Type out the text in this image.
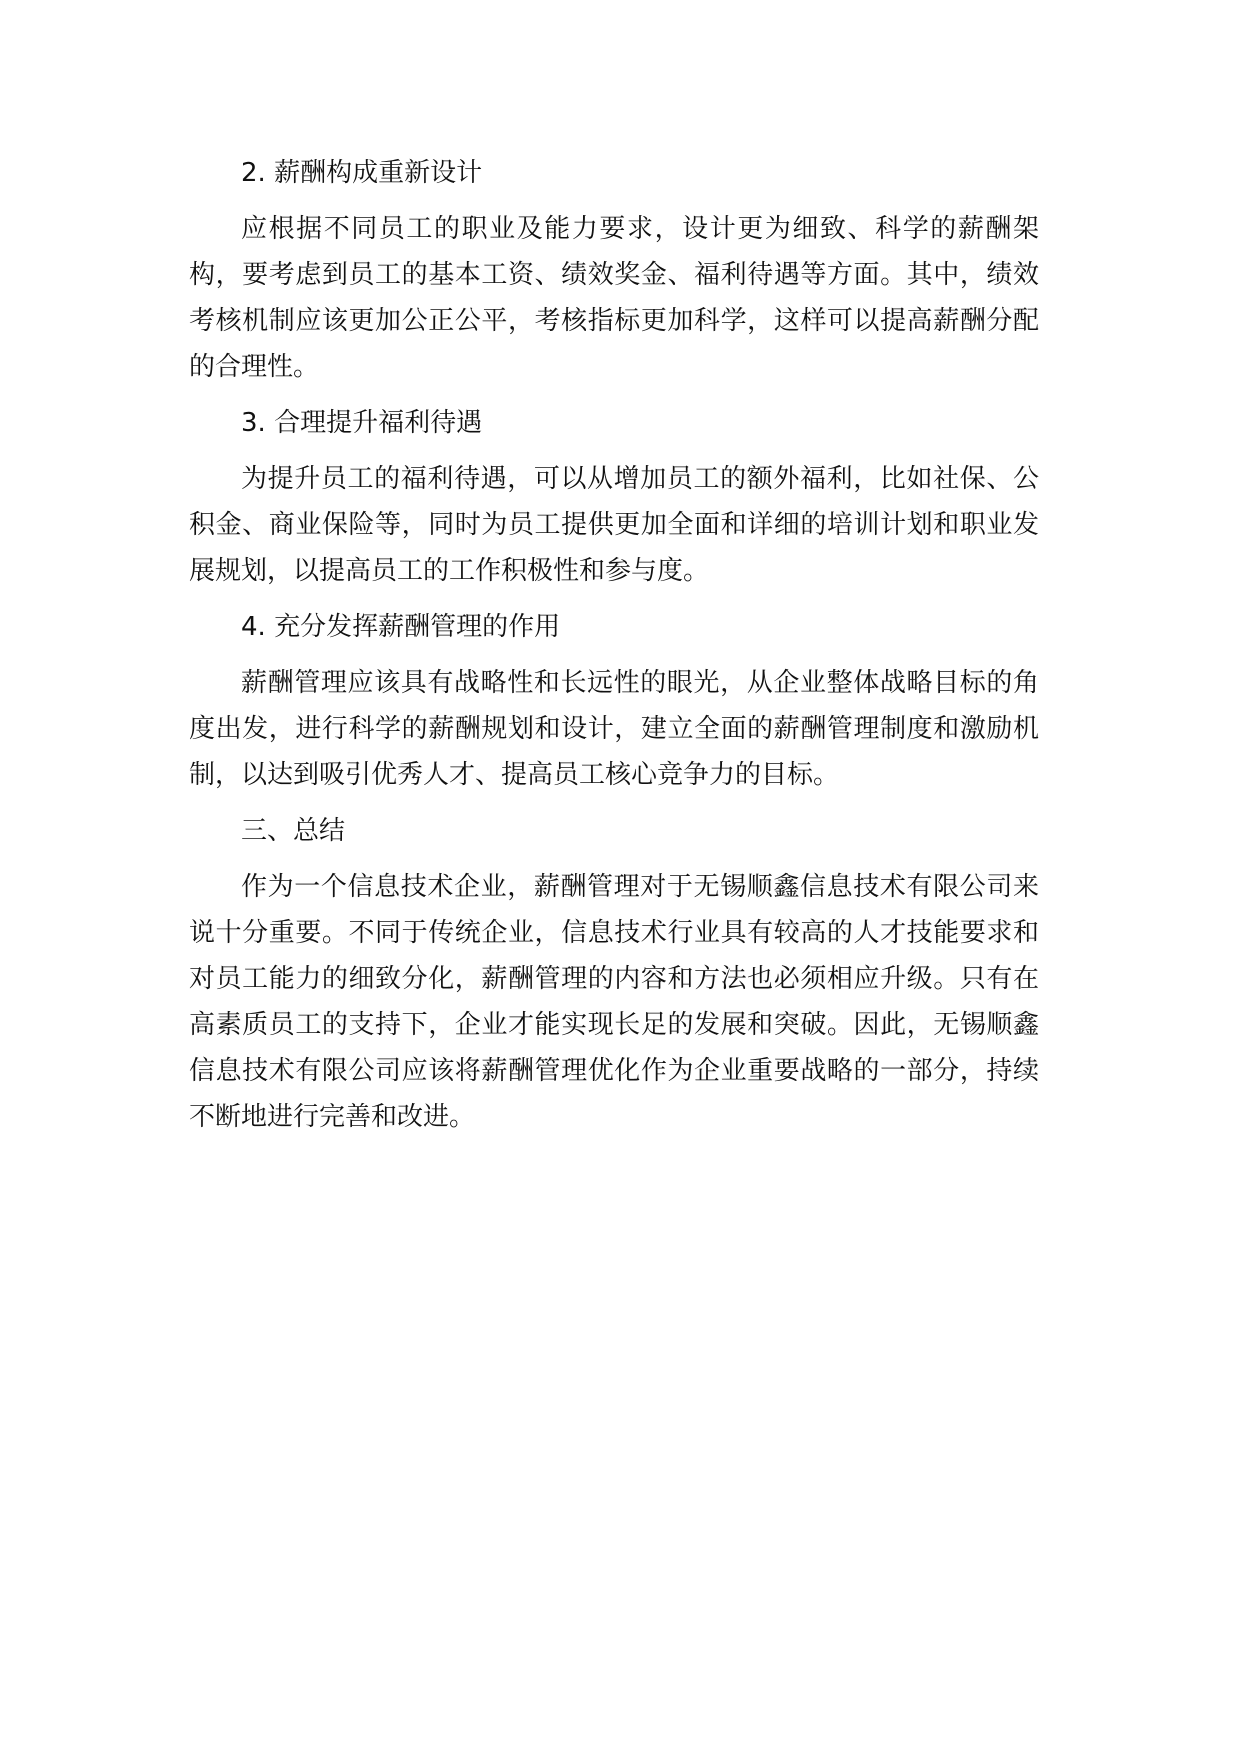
2. 薪酬构成重新设计

应根据不同员工的职业及能力要求，设计更为细致、科学的薪酬架构，要考虑到员工的基本工资、绩效奖金、福利待遇等方面。其中，绩效考核机制应该更加公正公平，考核指标更加科学，这样可以提高薪酬分配的合理性。

3. 合理提升福利待遇

为提升员工的福利待遇，可以从增加员工的额外福利，比如社保、公积金、商业保险等，同时为员工提供更加全面和详细的培训计划和职业发展规划，以提高员工的工作积极性和参与度。

4. 充分发挥薪酬管理的作用

薪酬管理应该具有战略性和长远性的眼光，从企业整体战略目标的角度出发，进行科学的薪酬规划和设计，建立全面的薪酬管理制度和激励机制，以达到吸引优秀人才、提高员工核心竞争力的目标。

三、总结

作为一个信息技术企业，薪酬管理对于无锡顺鑫信息技术有限公司来说十分重要。不同于传统企业，信息技术行业具有较高的人才技能要求和对员工能力的细致分化，薪酬管理的内容和方法也必须相应升级。只有在高素质员工的支持下，企业才能实现长足的发展和突破。因此，无锡顺鑫信息技术有限公司应该将薪酬管理优化作为企业重要战略的一部分，持续不断地进行完善和改进。
